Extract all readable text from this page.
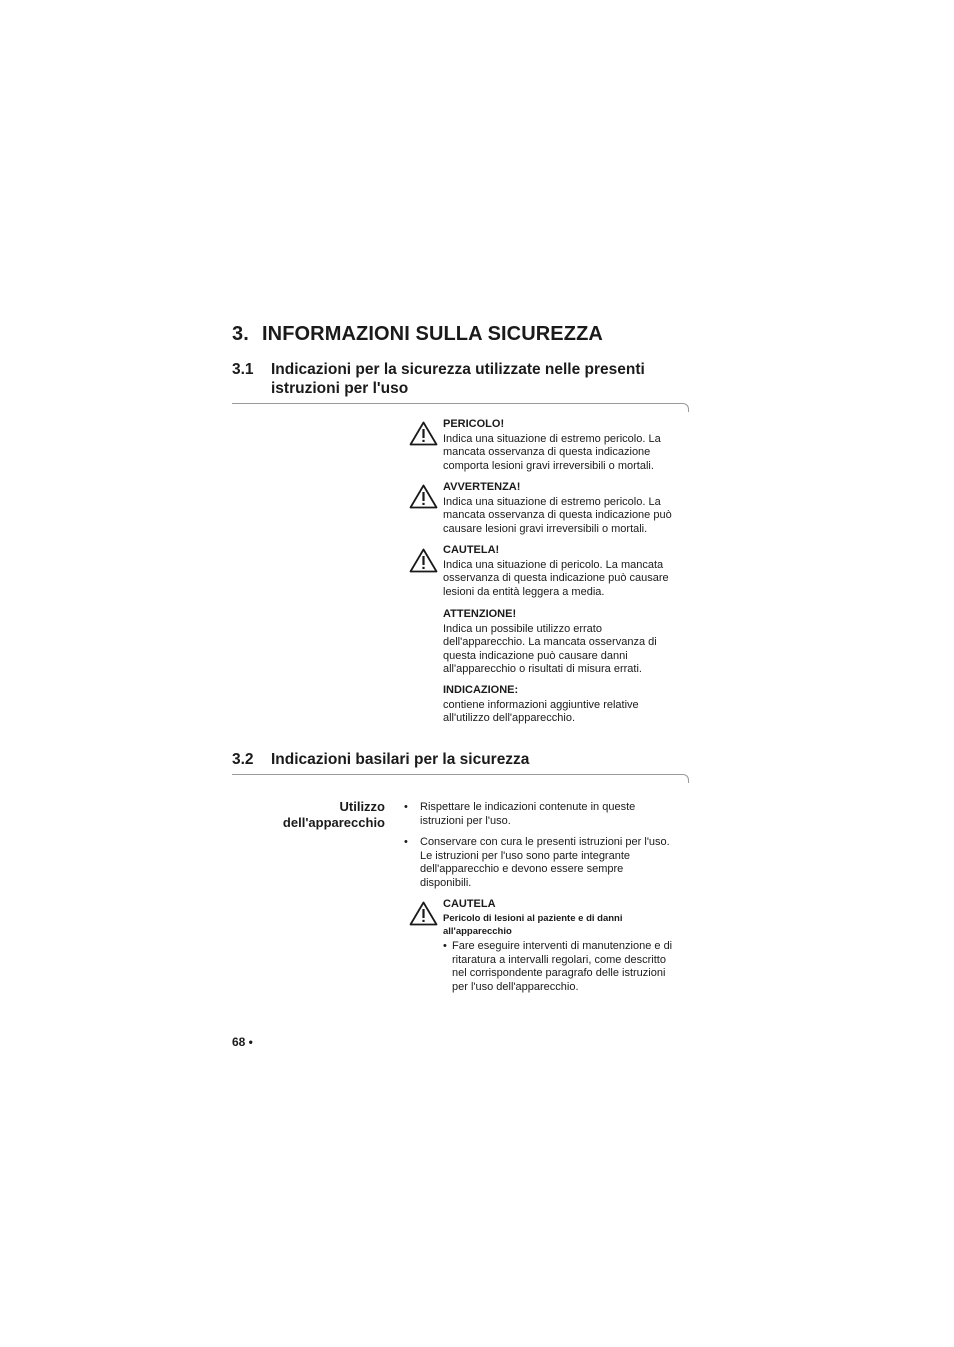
3. INFORMAZIONI SULLA SICUREZZA
3.1 Indicazioni per la sicurezza utilizzate nelle presenti
istruzioni per l'uso
PERICOLO!
Indica una situazione di estremo pericolo. La
mancata osservanza di questa indicazione
comporta lesioni gravi irreversibili o mortali.
AVVERTENZA!
Indica una situazione di estremo pericolo. La
mancata osservanza di questa indicazione può
causare lesioni gravi irreversibili o mortali.
CAUTELA!
Indica una situazione di pericolo. La mancata
osservanza di questa indicazione può causare
lesioni da entità leggera a media.
ATTENZIONE!
Indica un possibile utilizzo errato
dell'apparecchio. La mancata osservanza di
questa indicazione può causare danni
all'apparecchio o risultati di misura errati.
INDICAZIONE:
contiene informazioni aggiuntive relative
all'utilizzo dell'apparecchio.
3.2 Indicazioni basilari per la sicurezza
Utilizzo
dell'apparecchio
• Rispettare le indicazioni contenute in queste
istruzioni per l'uso.
• Conservare con cura le presenti istruzioni per l'uso.
Le istruzioni per l'uso sono parte integrante
dell'apparecchio e devono essere sempre
disponibili.
CAUTELA
Pericolo di lesioni al paziente e di danni
all'apparecchio
• Fare eseguire interventi di manutenzione e di
ritaratura a intervalli regolari, come descritto
nel corrispondente paragrafo delle istruzioni
per l'uso dell'apparecchio.
68 •
